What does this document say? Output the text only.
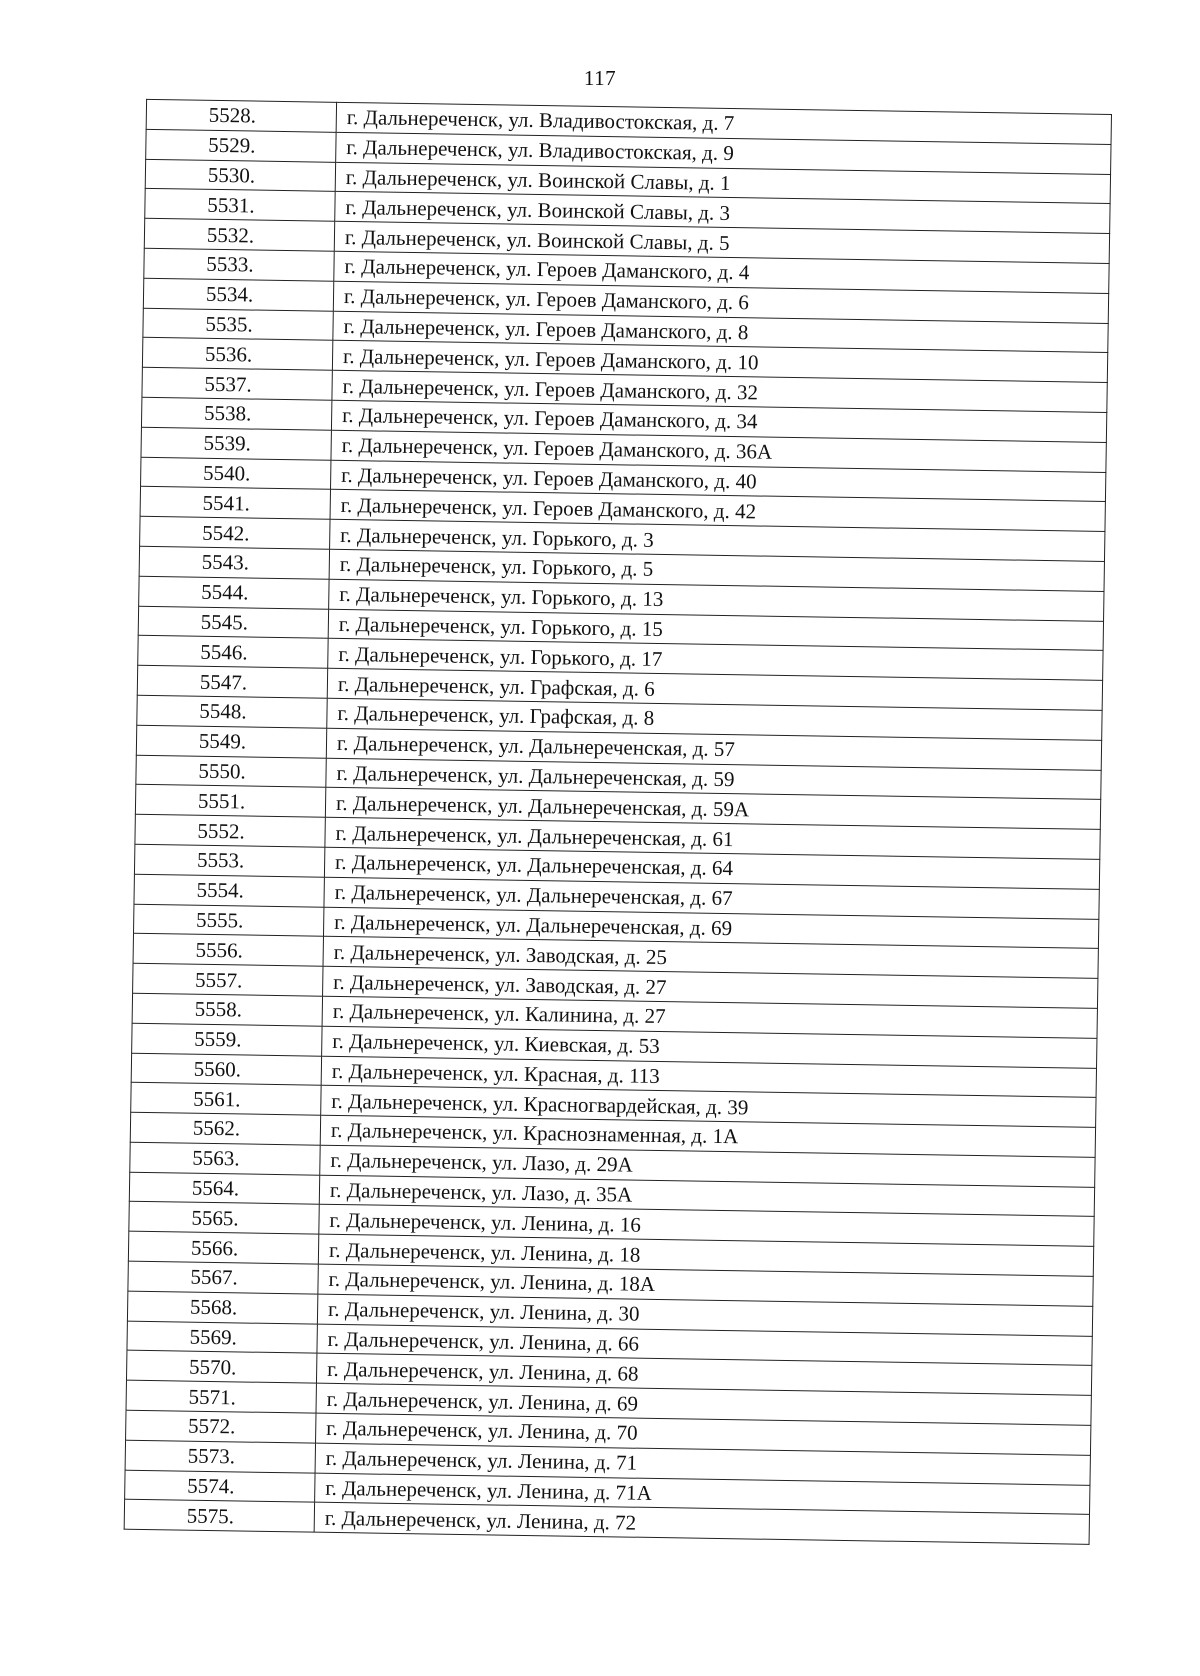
117
5528.	г. Дальнереченск, ул. Владивостокская, д. 7
5529.	г. Дальнереченск, ул. Владивостокская, д. 9
5530.	г. Дальнереченск, ул. Воинской Славы, д. 1
5531.	г. Дальнереченск, ул. Воинской Славы, д. 3
5532.	г. Дальнереченск, ул. Воинской Славы, д. 5
5533.	г. Дальнереченск, ул. Героев Даманского, д. 4
5534.	г. Дальнереченск, ул. Героев Даманского, д. 6
5535.	г. Дальнереченск, ул. Героев Даманского, д. 8
5536.	г. Дальнереченск, ул. Героев Даманского, д. 10
5537.	г. Дальнереченск, ул. Героев Даманского, д. 32
5538.	г. Дальнереченск, ул. Героев Даманского, д. 34
5539.	г. Дальнереченск, ул. Героев Даманского, д. 36А
5540.	г. Дальнереченск, ул. Героев Даманского, д. 40
5541.	г. Дальнереченск, ул. Героев Даманского, д. 42
5542.	г. Дальнереченск, ул. Горького, д. 3
5543.	г. Дальнереченск, ул. Горького, д. 5
5544.	г. Дальнереченск, ул. Горького, д. 13
5545.	г. Дальнереченск, ул. Горького, д. 15
5546.	г. Дальнереченск, ул. Горького, д. 17
5547.	г. Дальнереченск, ул. Графская, д. 6
5548.	г. Дальнереченск, ул. Графская, д. 8
5549.	г. Дальнереченск, ул. Дальнереченская, д. 57
5550.	г. Дальнереченск, ул. Дальнереченская, д. 59
5551.	г. Дальнереченск, ул. Дальнереченская, д. 59А
5552.	г. Дальнереченск, ул. Дальнереченская, д. 61
5553.	г. Дальнереченск, ул. Дальнереченская, д. 64
5554.	г. Дальнереченск, ул. Дальнереченская, д. 67
5555.	г. Дальнереченск, ул. Дальнереченская, д. 69
5556.	г. Дальнереченск, ул. Заводская, д. 25
5557.	г. Дальнереченск, ул. Заводская, д. 27
5558.	г. Дальнереченск, ул. Калинина, д. 27
5559.	г. Дальнереченск, ул. Киевская, д. 53
5560.	г. Дальнереченск, ул. Красная, д. 113
5561.	г. Дальнереченск, ул. Красногвардейская, д. 39
5562.	г. Дальнереченск, ул. Краснознаменная, д. 1А
5563.	г. Дальнереченск, ул. Лазо, д. 29А
5564.	г. Дальнереченск, ул. Лазо, д. 35А
5565.	г. Дальнереченск, ул. Ленина, д. 16
5566.	г. Дальнереченск, ул. Ленина, д. 18
5567.	г. Дальнереченск, ул. Ленина, д. 18А
5568.	г. Дальнереченск, ул. Ленина, д. 30
5569.	г. Дальнереченск, ул. Ленина, д. 66
5570.	г. Дальнереченск, ул. Ленина, д. 68
5571.	г. Дальнереченск, ул. Ленина, д. 69
5572.	г. Дальнереченск, ул. Ленина, д. 70
5573.	г. Дальнереченск, ул. Ленина, д. 71
5574.	г. Дальнереченск, ул. Ленина, д. 71А
5575.	г. Дальнереченск, ул. Ленина, д. 72
